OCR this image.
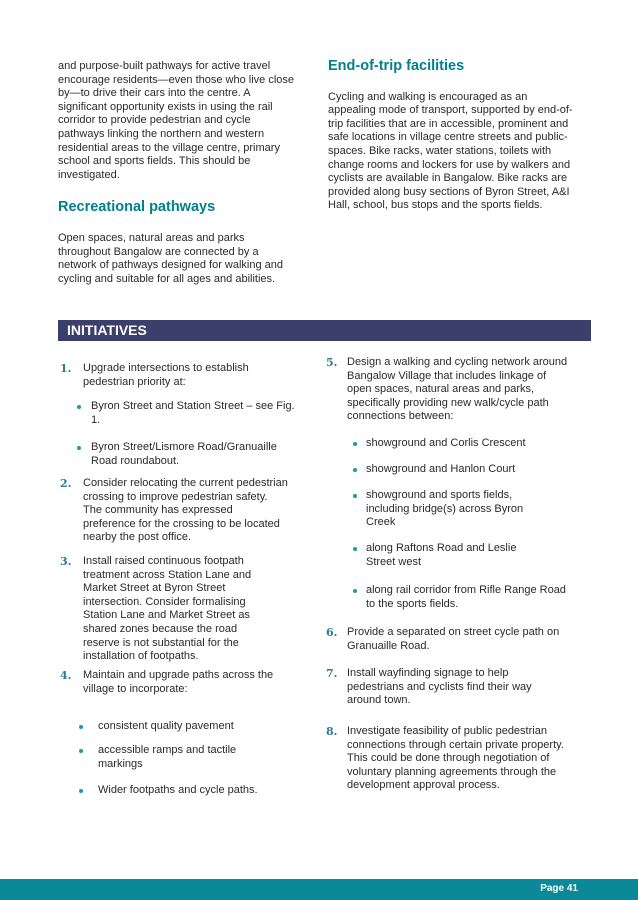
and purpose-built pathways for active travel encourage residents—even those who live close by—to drive their cars into the centre. A significant opportunity exists in using the rail corridor to provide pedestrian and cycle pathways linking the northern and western residential areas to the village centre, primary school and sports fields. This should be investigated.

Recreational pathways

Open spaces, natural areas and parks throughout Bangalow are connected by a network of pathways designed for walking and cycling and suitable for all ages and abilities.

End-of-trip facilities

Cycling and walking is encouraged as an appealing mode of transport, supported by end-of-trip facilities that are in accessible, prominent and safe locations in village centre streets and public-spaces. Bike racks, water stations, toilets with change rooms and lockers for use by walkers and cyclists are available in Bangalow. Bike racks are provided along busy sections of Byron Street, A&I Hall, school, bus stops and the sports fields.

INITIATIVES
1. Upgrade intersections to establish pedestrian priority at:
Byron Street and Station Street – see Fig. 1.
Byron Street/Lismore Road/Granuaille Road roundabout.
2. Consider relocating the current pedestrian crossing to improve pedestrian safety. The community has expressed preference for the crossing to be located nearby the post office.
3. Install raised continuous footpath treatment across Station Lane and Market Street at Byron Street intersection. Consider formalising Station Lane and Market Street as shared zones because the road reserve is not substantial for the installation of footpaths.
4. Maintain and upgrade paths across the village to incorporate:
consistent quality pavement
accessible ramps and tactile markings
Wider footpaths and cycle paths.
5. Design a walking and cycling network around Bangalow Village that includes linkage of open spaces, natural areas and parks, specifically providing new walk/cycle path connections between:
showground and Corlis Crescent
showground and Hanlon Court
showground and sports fields, including bridge(s) across Byron Creek
along Raftons Road and Leslie Street west
along rail corridor from Rifle Range Road to the sports fields.
6. Provide a separated on street cycle path on Granuaille Road.
7. Install wayfinding signage to help pedestrians and cyclists find their way around town.
8. Investigate feasibility of public pedestrian connections through certain private property. This could be done through negotiation of voluntary planning agreements through the development approval process.
Page 41
